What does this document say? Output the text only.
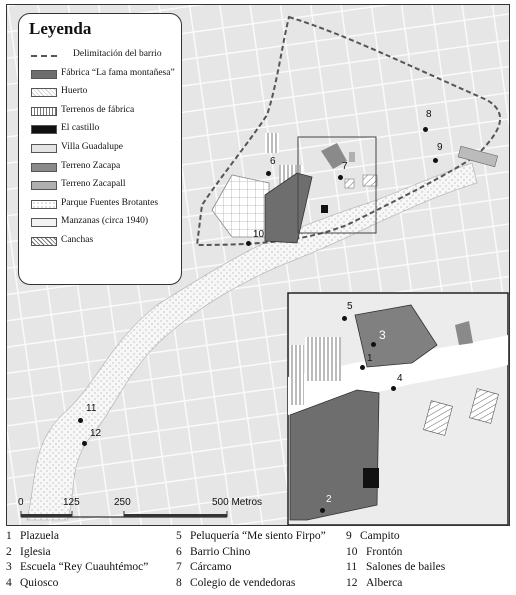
Leyenda
Delimitación del barrio
Fábrica “La fama montañesa”
Huerto
Terrenos de fábrica
El castillo
Villa Guadalupe
Terreno Zacapa
Terreno Zacapall
Parque Fuentes Brotantes
Manzanas (circa 1940)
Canchas	10
6	7
8
9
11
12
5
3
1
4
2
0	125	250	500 Metros
1 Plazuela
2 Iglesia
3 Escuela “Rey Cuauhtémoc”
4 Quiosco
5 Peluquería “Me siento Firpo”
6 Barrio Chino
7 Cárcamo
8 Colegio de vendedoras
9 Campito
10 Frontón
11 Salones de bailes
12 Alberca
